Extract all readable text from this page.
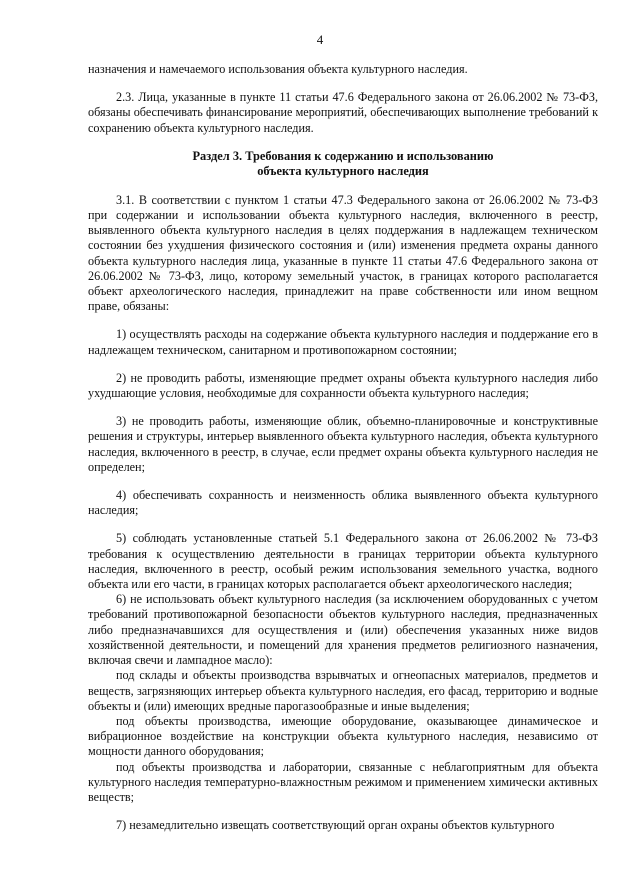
4

назначения и намечаемого использования объекта культурного наследия.

2.3. Лица, указанные в пункте 11 статьи 47.6 Федерального закона от 26.06.2002 № 73-ФЗ, обязаны обеспечивать финансирование мероприятий, обеспечивающих выполнение требований к сохранению объекта культурного наследия.

Раздел 3. Требования к содержанию и использованию

объекта культурного наследия

3.1. В соответствии с пунктом 1 статьи 47.3 Федерального закона от 26.06.2002 № 73-ФЗ при содержании и использовании объекта культурного наследия, включенного в реестр, выявленного объекта культурного наследия в целях поддержания в надлежащем техническом состоянии без ухудшения физического состояния и (или) изменения предмета охраны данного объекта культурного наследия лица, указанные в пункте 11 статьи 47.6 Федерального закона от 26.06.2002 № 73-ФЗ, лицо, которому земельный участок, в границах которого располагается объект археологического наследия, принадлежит на праве собственности или ином вещном праве, обязаны:

1) осуществлять расходы на содержание объекта культурного наследия и поддержание его в надлежащем техническом, санитарном и противопожарном состоянии;

2) не проводить работы, изменяющие предмет охраны объекта культурного наследия либо ухудшающие условия, необходимые для сохранности объекта культурного наследия;

3) не проводить работы, изменяющие облик, объемно-планировочные и конструктивные решения и структуры, интерьер выявленного объекта культурного наследия, объекта культурного наследия, включенного в реестр, в случае, если предмет охраны объекта культурного наследия не определен;

4) обеспечивать сохранность и неизменность облика выявленного объекта культурного наследия;

5) соблюдать установленные статьей 5.1 Федерального закона от 26.06.2002 № 73-ФЗ требования к осуществлению деятельности в границах территории объекта культурного наследия, включенного в реестр, особый режим использования земельного участка, водного объекта или его части, в границах которых располагается объект археологического наследия;

6) не использовать объект культурного наследия (за исключением оборудованных с учетом требований противопожарной безопасности объектов культурного наследия, предназначенных либо предназначавшихся для осуществления и (или) обеспечения указанных ниже видов хозяйственной деятельности, и помещений для хранения предметов религиозного назначения, включая свечи и лампадное масло):

под склады и объекты производства взрывчатых и огнеопасных материалов, предметов и веществ, загрязняющих интерьер объекта культурного наследия, его фасад, территорию и водные объекты и (или) имеющих вредные парогазообразные и иные выделения;

под объекты производства, имеющие оборудование, оказывающее динамическое и вибрационное воздействие на конструкции объекта культурного наследия, независимо от мощности данного оборудования;

под объекты производства и лаборатории, связанные с неблагоприятным для объекта культурного наследия температурно-влажностным режимом и применением химически активных веществ;

7) незамедлительно извещать соответствующий орган охраны объектов культурного
